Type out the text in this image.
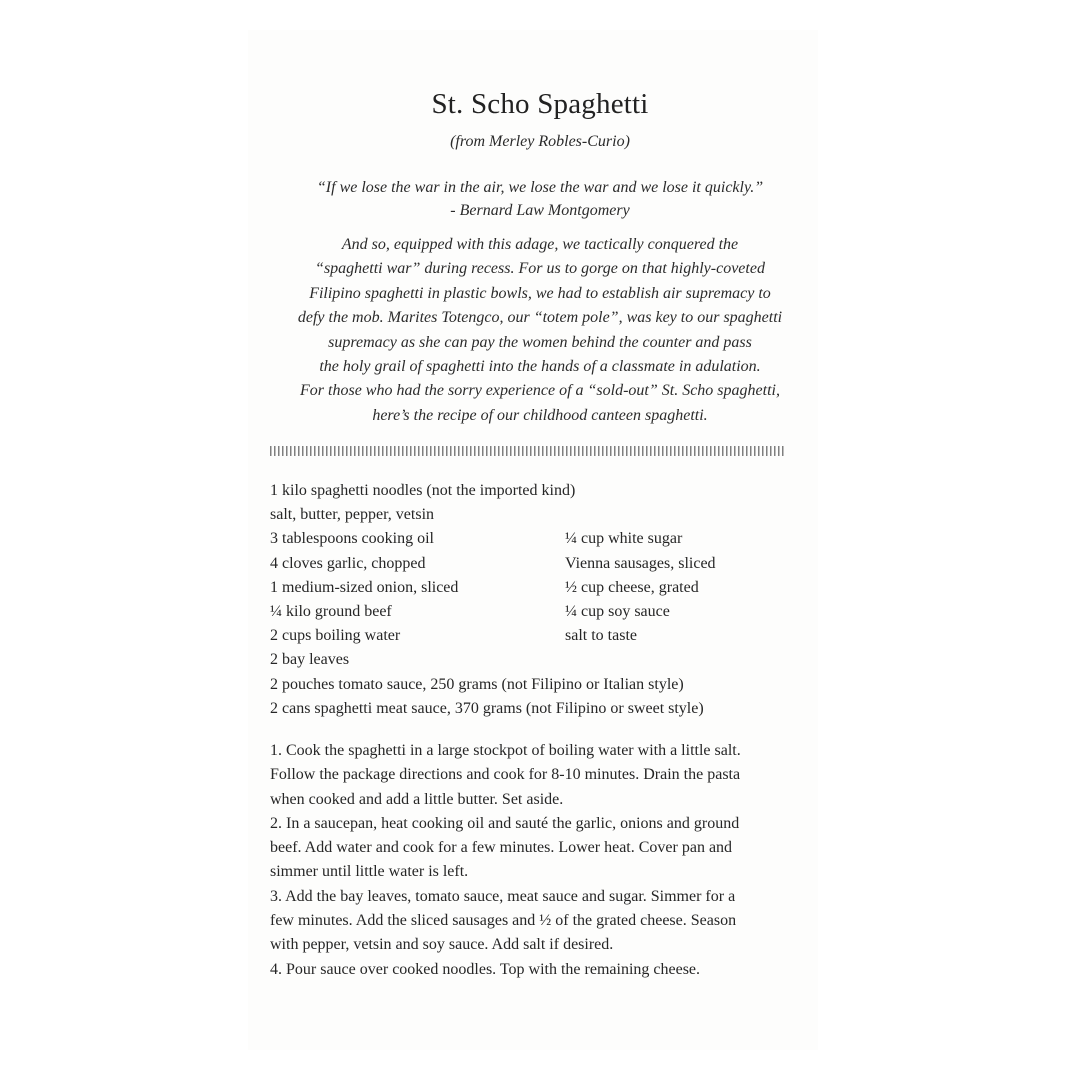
St. Scho Spaghetti
(from Merley Robles-Curio)
“If we lose the war in the air, we lose the war and we lose it quickly.”
- Bernard Law Montgomery
And so, equipped with this adage, we tactically conquered the
“spaghetti war” during recess. For us to gorge on that highly-coveted
Filipino spaghetti in plastic bowls, we had to establish air supremacy to
defy the mob. Marites Totengco, our “totem pole”, was key to our spaghetti
supremacy as she can pay the women behind the counter and pass
the holy grail of spaghetti into the hands of a classmate in adulation.
For those who had the sorry experience of a “sold-out” St. Scho spaghetti,
here’s the recipe of our childhood canteen spaghetti.
1 kilo spaghetti noodles (not the imported kind)
salt, butter, pepper, vetsin
3 tablespoons cooking oil	¼ cup white sugar
4 cloves garlic, chopped	Vienna sausages, sliced
1 medium-sized onion, sliced	½ cup cheese, grated
¼ kilo ground beef	¼ cup soy sauce
2 cups boiling water	salt to taste
2 bay leaves
2 pouches tomato sauce, 250 grams (not Filipino or Italian style)
2 cans spaghetti meat sauce, 370 grams (not Filipino or sweet style)
1. Cook the spaghetti in a large stockpot of boiling water with a little salt.
Follow the package directions and cook for 8-10 minutes. Drain the pasta
when cooked and add a little butter. Set aside.
2. In a saucepan, heat cooking oil and sauté the garlic, onions and ground
beef. Add water and cook for a few minutes. Lower heat. Cover pan and
simmer until little water is left.
3. Add the bay leaves, tomato sauce, meat sauce and sugar. Simmer for a
few minutes. Add the sliced sausages and ½ of the grated cheese. Season
with pepper, vetsin and soy sauce. Add salt if desired.
4. Pour sauce over cooked noodles. Top with the remaining cheese.
